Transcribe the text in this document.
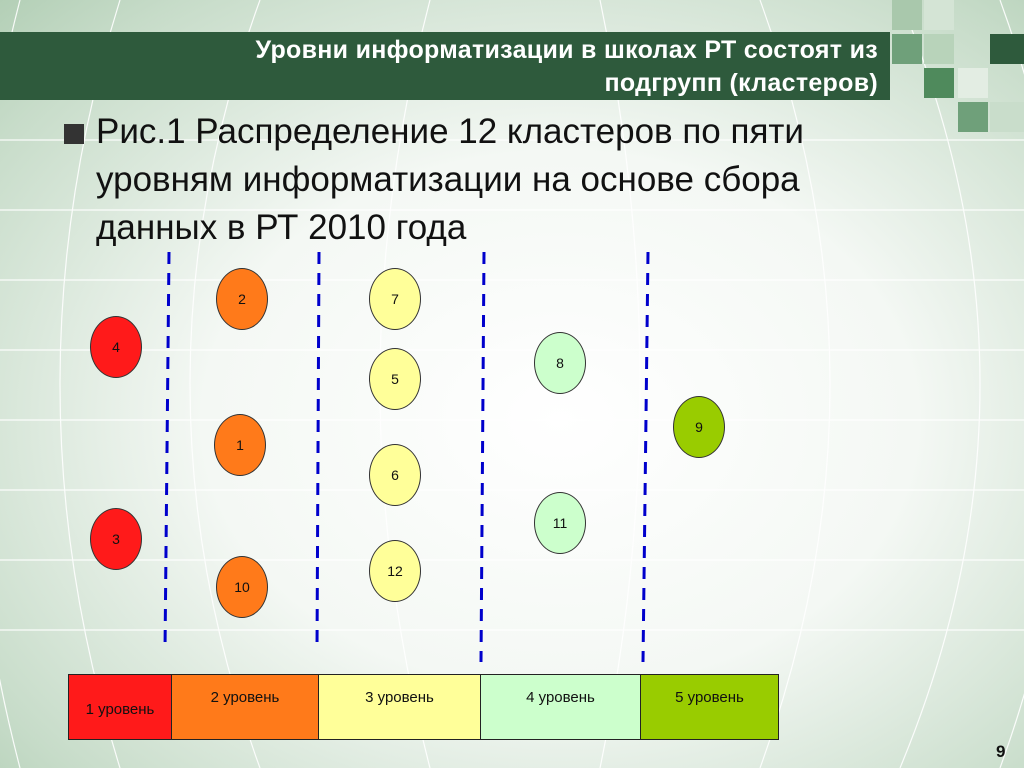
Уровни информатизации в школах РТ состоят из
подгрупп (кластеров)
Рис.1 Распределение 12 кластеров по пяти уровням информатизации на основе сбора данных в РТ 2010 года
4
3
2
1
10
7
5
6
12
8
11
9
1 уровень
2 уровень	3 уровень	4 уровень	5 уровень
9
